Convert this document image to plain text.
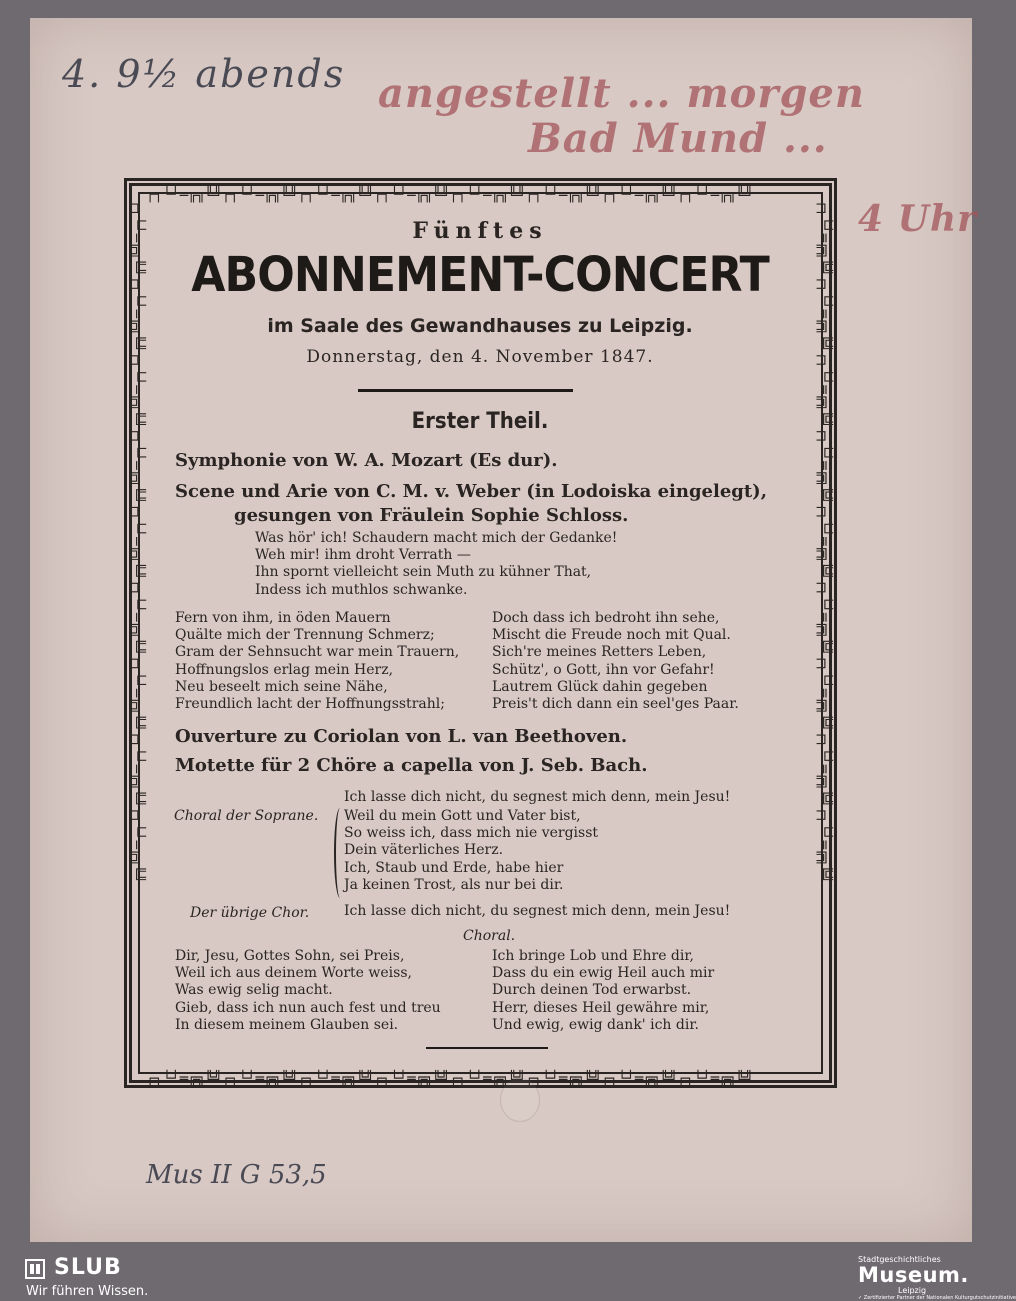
4. 9½ abends angestellt ... morgen
Bad Mund ...
4 Uhr
┌┐└┘═╔╗╚╝┌┐└┘═╔╗╚╝┌┐└┘═╔╗╚╝┌┐└┘═╔╗╚╝┌┐└┘═╔╗╚╝┌┐└┘═╔╗╚╝┌┐└┘═╔╗╚╝┌┐└┘═╔╗╚╝
┌┐└┘═╔╗╚╝┌┐└┘═╔╗╚╝┌┐└┘═╔╗╚╝┌┐└┘═╔╗╚╝┌┐└┘═╔╗╚╝┌┐└┘═╔╗╚╝┌┐└┘═╔╗╚╝┌┐└┘═╔╗╚╝
┌┐└┘═╔╗╚╝┌┐└┘═╔╗╚╝┌┐└┘═╔╗╚╝┌┐└┘═╔╗╚╝┌┐└┘═╔╗╚╝┌┐└┘═╔╗╚╝┌┐└┘═╔╗╚╝┌┐└┘═╔╗╚╝┌┐└┘═╔╗╚╝	┌┐└┘═╔╗╚╝┌┐└┘═╔╗╚╝┌┐└┘═╔╗╚╝┌┐└┘═╔╗╚╝┌┐└┘═╔╗╚╝┌┐└┘═╔╗╚╝┌┐└┘═╔╗╚╝┌┐└┘═╔╗╚╝┌┐└┘═╔╗╚╝
Fünftes
ABONNEMENT-CONCERT
im Saale des Gewandhauses zu Leipzig.
Donnerstag, den 4. November 1847.
Erster Theil.
Symphonie von W. A. Mozart (Es dur).
Scene und Arie von C. M. v. Weber (in Lodoiska eingelegt),
gesungen von Fräulein Sophie Schloss.
Was hör' ich! Schaudern macht mich der Gedanke!
Weh mir! ihm droht Verrath —
Ihn spornt vielleicht sein Muth zu kühner That,
Indess ich muthlos schwanke.
Fern von ihm, in öden Mauern
Quälte mich der Trennung Schmerz;
Gram der Sehnsucht war mein Trauern,
Hoffnungslos erlag mein Herz,
Neu beseelt mich seine Nähe,
Freundlich lacht der Hoffnungsstrahl;
Doch dass ich bedroht ihn sehe,
Mischt die Freude noch mit Qual.
Sich're meines Retters Leben,
Schütz', o Gott, ihn vor Gefahr!
Lautrem Glück dahin gegeben
Preis't dich dann ein seel'ges Paar.
Ouverture zu Coriolan von L. van Beethoven.
Motette für 2 Chöre a capella von J. Seb. Bach.
Ich lasse dich nicht, du segnest mich denn, mein Jesu!
Choral der Soprane. Weil du mein Gott und Vater bist,
So weiss ich, dass mich nie vergisst
Dein väterliches Herz.
Ich, Staub und Erde, habe hier
Ja keinen Trost, als nur bei dir.
Der übrige Chor. Ich lasse dich nicht, du segnest mich denn, mein Jesu!
Choral.
Dir, Jesu, Gottes Sohn, sei Preis,
Weil ich aus deinem Worte weiss,
Was ewig selig macht.
Gieb, dass ich nun auch fest und treu
In diesem meinem Glauben sei.
Ich bringe Lob und Ehre dir,
Dass du ein ewig Heil auch mir
Durch deinen Tod erwarbst.
Herr, dieses Heil gewähre mir,
Und ewig, ewig dank' ich dir.
Mus II G 53,5
SLUB
Wir führen Wissen.
Stadtgeschichtliches
Museum.
Leipzig
✓ Zertifizierter Partner der Nationalen Kulturgutschutzinitiative
